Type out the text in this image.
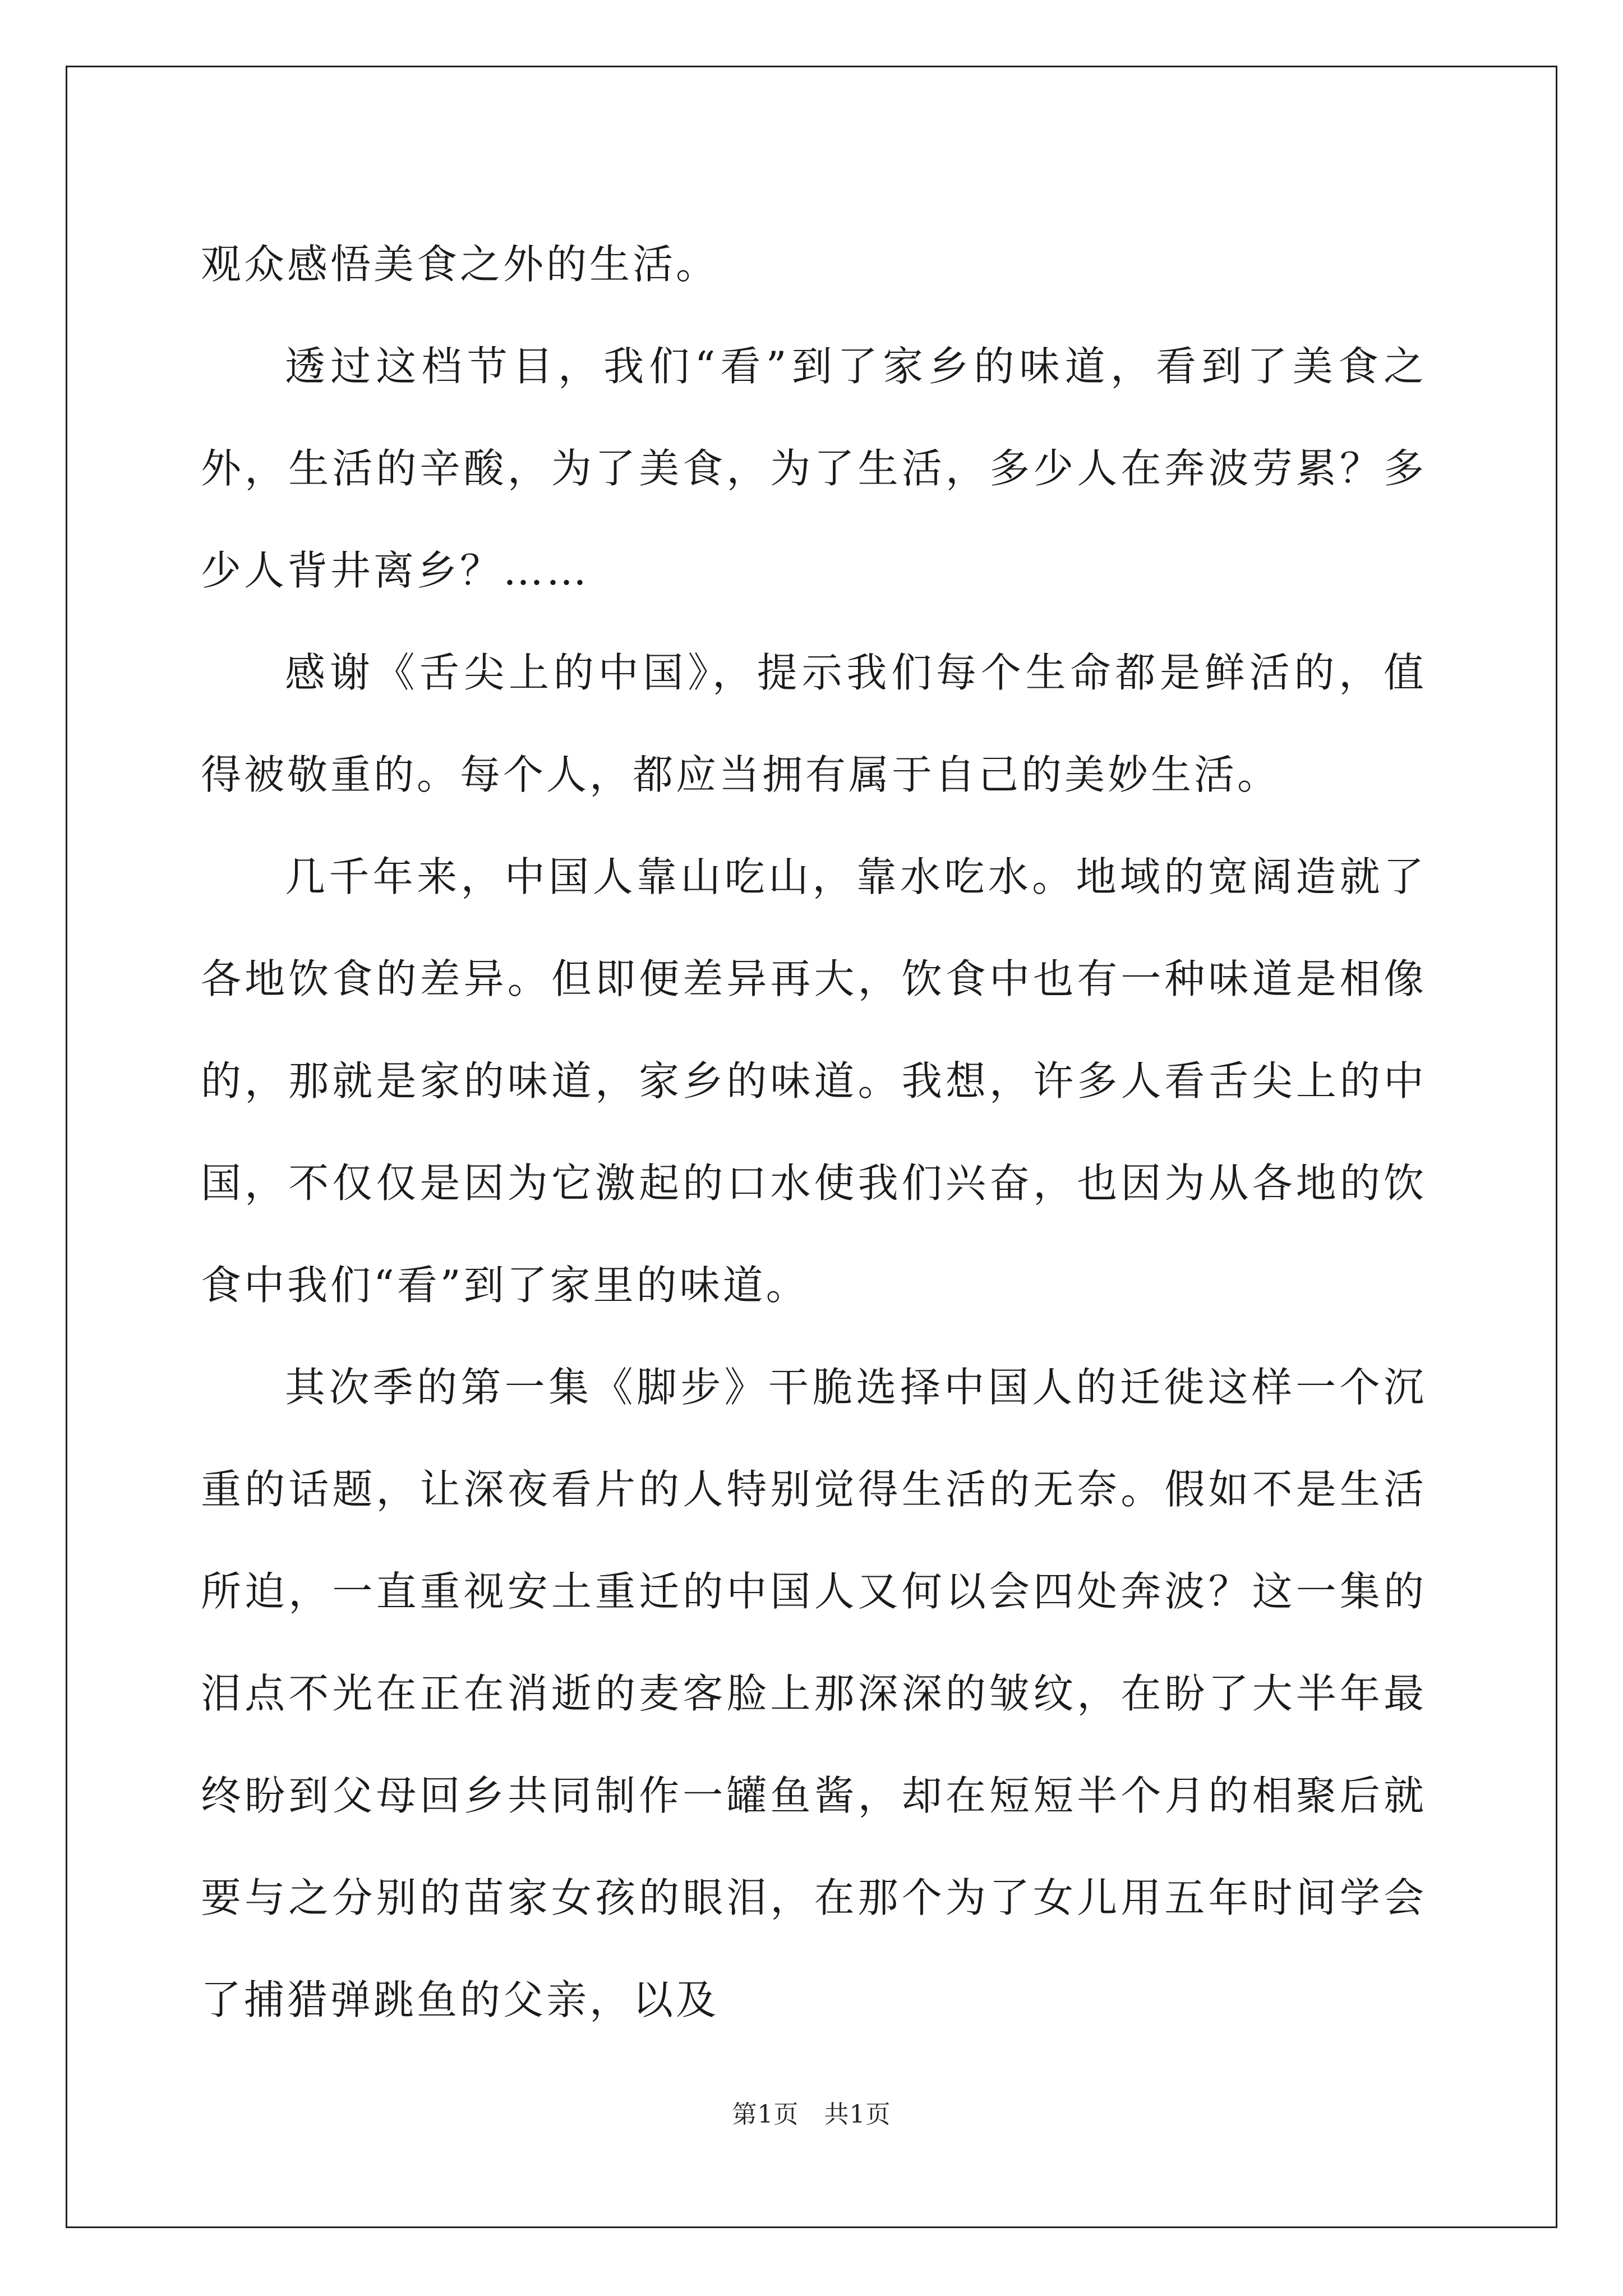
观众感悟美食之外的生活。

透过这档节目，我们“看”到了家乡的味道，看到了美食之外，生活的辛酸，为了美食，为了生活，多少人在奔波劳累？多少人背井离乡？……

感谢《舌尖上的中国》，提示我们每个生命都是鲜活的，值得被敬重的。每个人，都应当拥有属于自己的美妙生活。

几千年来，中国人靠山吃山，靠水吃水。地域的宽阔造就了各地饮食的差异。但即便差异再大，饮食中也有一种味道是相像的，那就是家的味道，家乡的味道。我想，许多人看舌尖上的中国，不仅仅是因为它激起的口水使我们兴奋，也因为从各地的饮食中我们“看”到了家里的味道。

其次季的第一集《脚步》干脆选择中国人的迁徙这样一个沉重的话题，让深夜看片的人特别觉得生活的无奈。假如不是生活所迫，一直重视安土重迁的中国人又何以会四处奔波？这一集的泪点不光在正在消逝的麦客脸上那深深的皱纹，在盼了大半年最终盼到父母回乡共同制作一罐鱼酱，却在短短半个月的相聚后就要与之分别的苗家女孩的眼泪，在那个为了女儿用五年时间学会了捕猎弹跳鱼的父亲，以及

第1页 共1页
